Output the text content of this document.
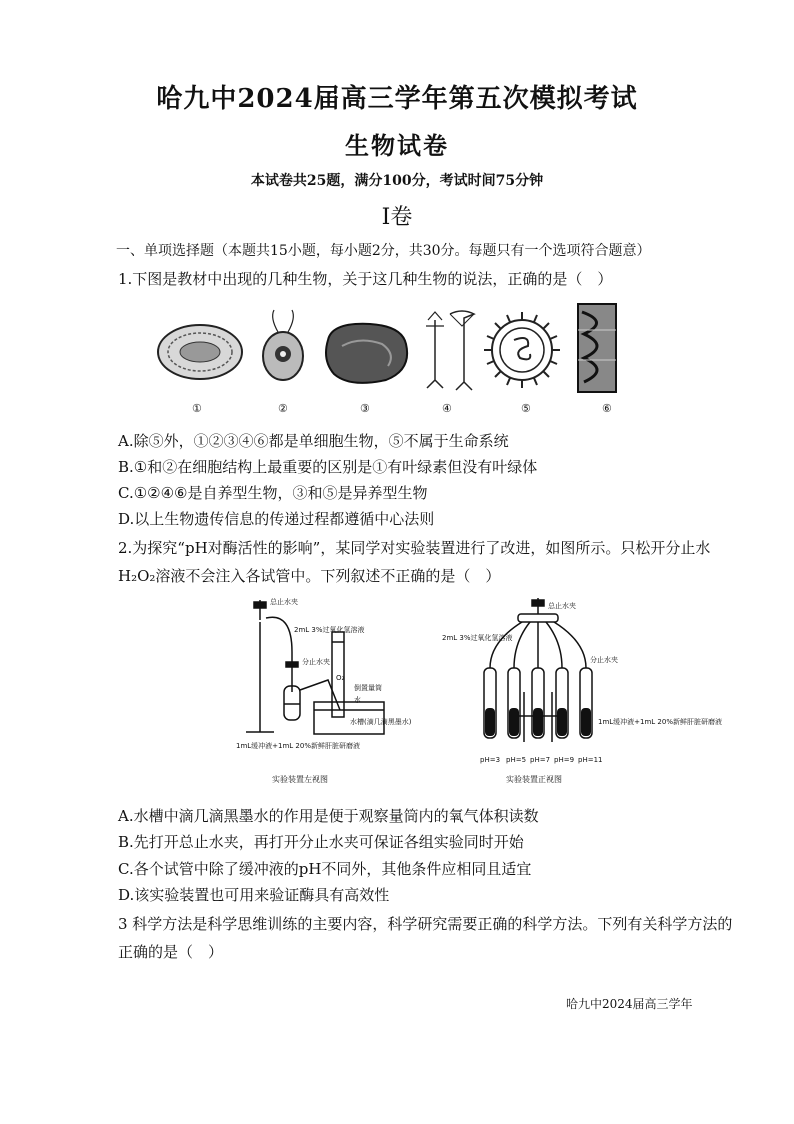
哈九中2024届高三学年第五次模拟考试
生物试卷
本试卷共25题，满分100分，考试时间75分钟
I卷
一、单项选择题（本题共15小题，每小题2分，共30分。每题只有一个选项符合题意）
1.下图是教材中出现的几种生物，关于这几种生物的说法，正确的是（　）
①	②	③	④	⑤	⑥
A.除⑤外，①②③④⑥都是单细胞生物，⑤不属于生命系统
B.①和②在细胞结构上最重要的区别是①有叶绿素但没有叶绿体
C.①②④⑥是自养型生物，③和⑤是异养型生物
D.以上生物遗传信息的传递过程都遵循中心法则
2.为探究“pH对酶活性的影响”，某同学对实验装置进行了改进，如图所示。只松开分止水
H₂O₂溶液不会注入各试管中。下列叙述不正确的是（　）
总止水夹
2mL 3%过氧化氢溶液
分止水夹
O₂
倒置量筒
水
水槽(滴几滴黑墨水)
1mL缓冲液+1mL 20%新鲜肝脏研磨液
实验装置左视图
总止水夹
2mL 3%过氧化氢溶液
分止水夹
1mL缓冲液+1mL 20%新鲜肝脏研磨液
pH=3 pH=5 pH=7 pH=9 pH=11
实验装置正视图
A.水槽中滴几滴黑墨水的作用是便于观察量筒内的氧气体积读数
B.先打开总止水夹，再打开分止水夹可保证各组实验同时开始
C.各个试管中除了缓冲液的pH不同外，其他条件应相同且适宜
D.该实验装置也可用来验证酶具有高效性
3 科学方法是科学思维训练的主要内容，科学研究需要正确的科学方法。下列有关科学方法的
正确的是（　）
哈九中2024届高三学年
